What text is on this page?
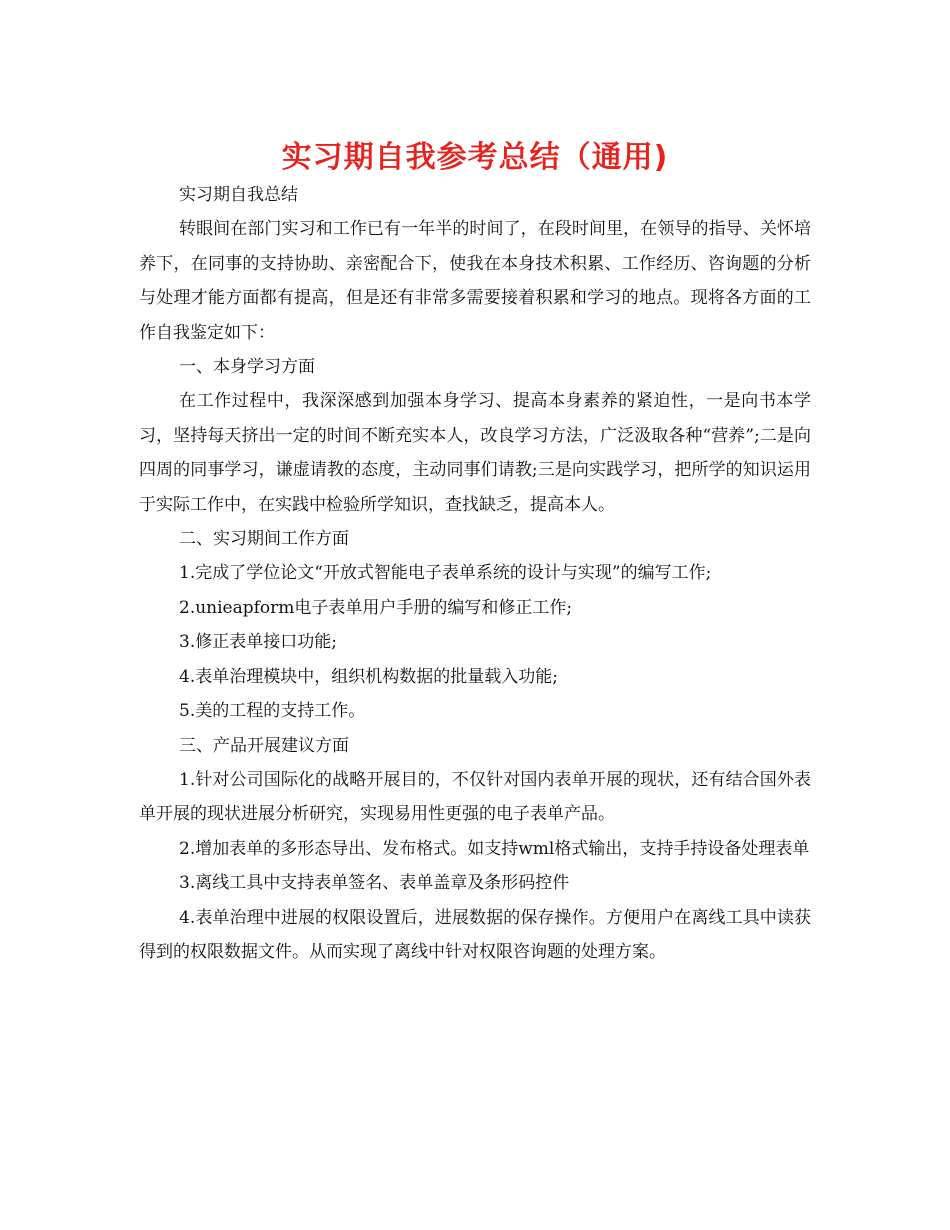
实习期自我参考总结（通用)

实习期自我总结

转眼间在部门实习和工作已有一年半的时间了，在段时间里，在领导的指导、关怀培养下，在同事的支持协助、亲密配合下，使我在本身技术积累、工作经历、咨询题的分析与处理才能方面都有提高，但是还有非常多需要接着积累和学习的地点。现将各方面的工作自我鉴定如下：

一、本身学习方面

在工作过程中，我深深感到加强本身学习、提高本身素养的紧迫性，一是向书本学习，坚持每天挤出一定的时间不断充实本人，改良学习方法，广泛汲取各种“营养”;二是向四周的同事学习，谦虚请教的态度，主动同事们请教;三是向实践学习，把所学的知识运用于实际工作中，在实践中检验所学知识，查找缺乏，提高本人。

二、实习期间工作方面

1.完成了学位论文“开放式智能电子表单系统的设计与实现”的编写工作;

2.unieapform电子表单用户手册的编写和修正工作;

3.修正表单接口功能;

4.表单治理模块中，组织机构数据的批量载入功能;

5.美的工程的支持工作。

三、产品开展建议方面

1.针对公司国际化的战略开展目的，不仅针对国内表单开展的现状，还有结合国外表单开展的现状进展分析研究，实现易用性更强的电子表单产品。

2.增加表单的多形态导出、发布格式。如支持wml格式输出，支持手持设备处理表单

3.离线工具中支持表单签名、表单盖章及条形码控件

4.表单治理中进展的权限设置后，进展数据的保存操作。方便用户在离线工具中读获得到的权限数据文件。从而实现了离线中针对权限咨询题的处理方案。
